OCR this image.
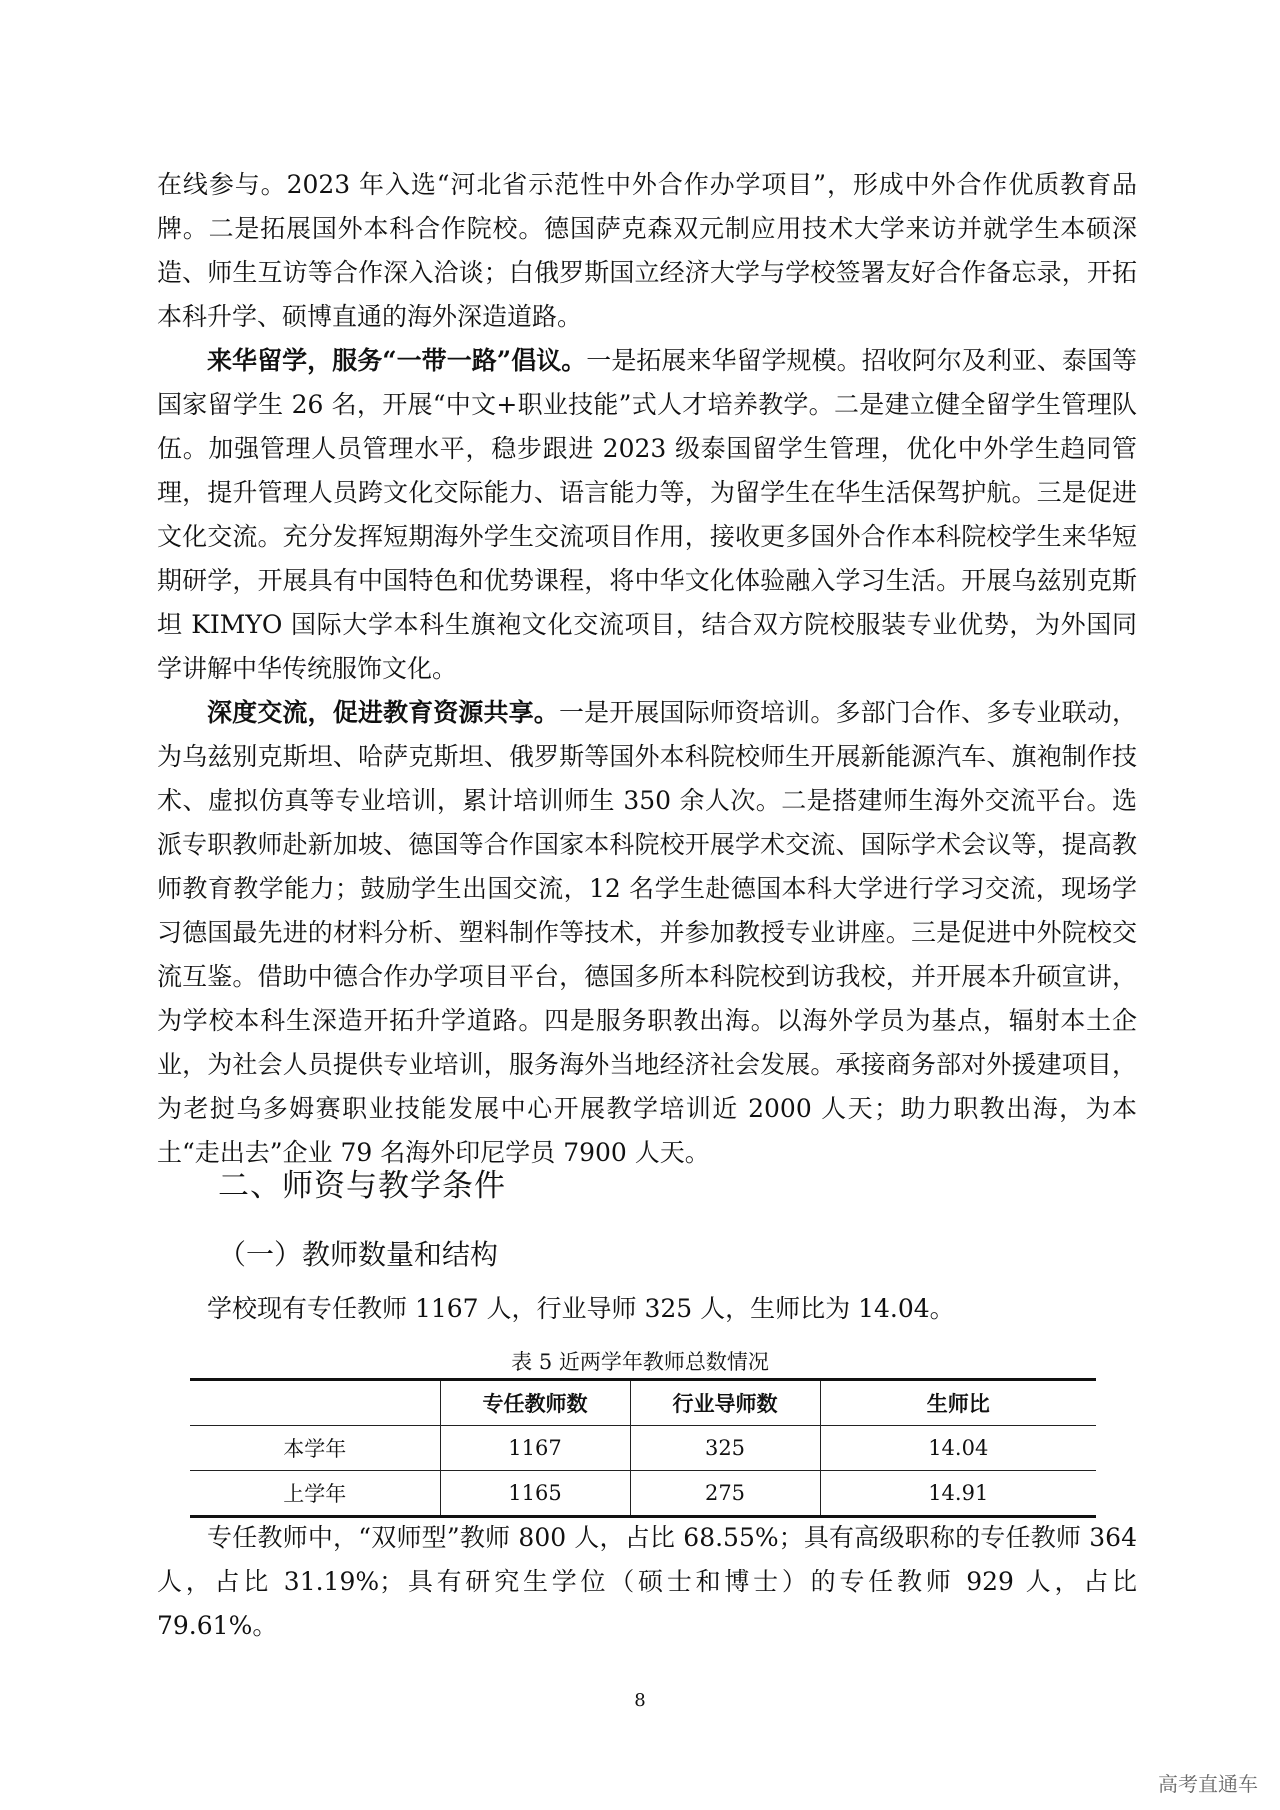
在线参与。2023 年入选“河北省示范性中外合作办学项目”，形成中外合作优质教育品牌。二是拓展国外本科合作院校。德国萨克森双元制应用技术大学来访并就学生本硕深造、师生互访等合作深入洽谈；白俄罗斯国立经济大学与学校签署友好合作备忘录，开拓本科升学、硕博直通的海外深造道路。

来华留学，服务“一带一路”倡议。一是拓展来华留学规模。招收阿尔及利亚、泰国等国家留学生 26 名，开展“中文+职业技能”式人才培养教学。二是建立健全留学生管理队伍。加强管理人员管理水平，稳步跟进 2023 级泰国留学生管理，优化中外学生趋同管理，提升管理人员跨文化交际能力、语言能力等，为留学生在华生活保驾护航。三是促进文化交流。充分发挥短期海外学生交流项目作用，接收更多国外合作本科院校学生来华短期研学，开展具有中国特色和优势课程，将中华文化体验融入学习生活。开展乌兹别克斯坦 KIMYO 国际大学本科生旗袍文化交流项目，结合双方院校服装专业优势，为外国同学讲解中华传统服饰文化。

深度交流，促进教育资源共享。一是开展国际师资培训。多部门合作、多专业联动，为乌兹别克斯坦、哈萨克斯坦、俄罗斯等国外本科院校师生开展新能源汽车、旗袍制作技术、虚拟仿真等专业培训，累计培训师生 350 余人次。二是搭建师生海外交流平台。选派专职教师赴新加坡、德国等合作国家本科院校开展学术交流、国际学术会议等，提高教师教育教学能力；鼓励学生出国交流，12 名学生赴德国本科大学进行学习交流，现场学习德国最先进的材料分析、塑料制作等技术，并参加教授专业讲座。三是促进中外院校交流互鉴。借助中德合作办学项目平台，德国多所本科院校到访我校，并开展本升硕宣讲，为学校本科生深造开拓升学道路。四是服务职教出海。以海外学员为基点，辐射本土企业，为社会人员提供专业培训，服务海外当地经济社会发展。承接商务部对外援建项目，为老挝乌多姆赛职业技能发展中心开展教学培训近 2000 人天；助力职教出海，为本土“走出去”企业 79 名海外印尼学员 7900 人天。

二、师资与教学条件
（一）教师数量和结构

学校现有专任教师 1167 人，行业导师 325 人，生师比为 14.04。

表 5 近两学年教师总数情况

	专任教师数	行业导师数	生师比
本学年	1167	325	14.04
上学年	1165	275	14.91

专任教师中，“双师型”教师 800 人，占比 68.55%；具有高级职称的专任教师 364 人，占比 31.19%；具有研究生学位（硕士和博士）的专任教师 929 人，占比 79.61%。

8

高考直通车
